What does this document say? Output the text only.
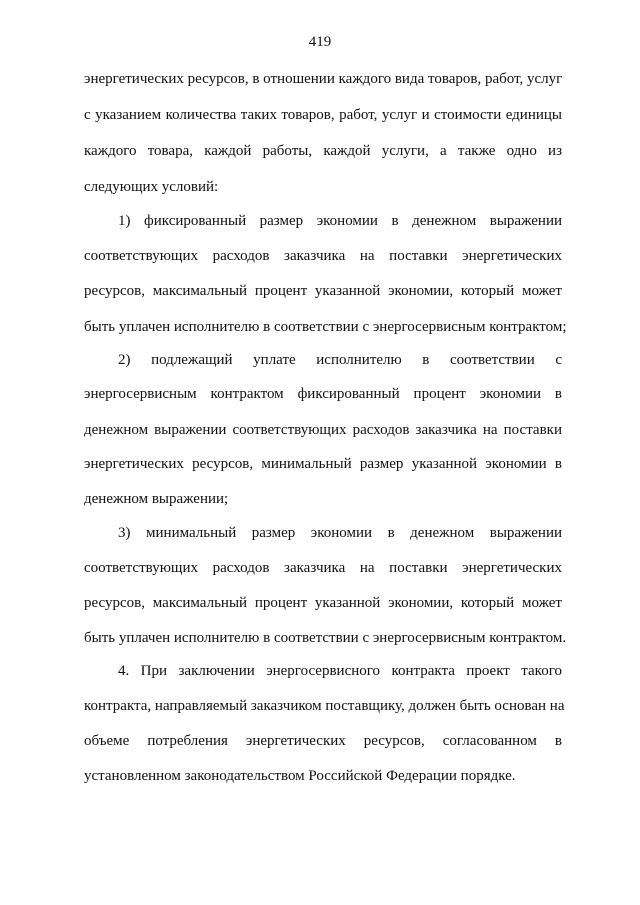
419
энергетических ресурсов, в отношении каждого вида товаров, работ, услуг
с указанием количества таких товаров, работ, услуг и стоимости единицы
каждого товара, каждой работы, каждой услуги, а также одно из
следующих условий:
1) фиксированный размер экономии в денежном выражении
соответствующих расходов заказчика на поставки энергетических
ресурсов, максимальный процент указанной экономии, который может
быть уплачен исполнителю в соответствии с энергосервисным контрактом;
2) подлежащий уплате исполнителю в соответствии с
энергосервисным контрактом фиксированный процент экономии в
денежном выражении соответствующих расходов заказчика на поставки
энергетических ресурсов, минимальный размер указанной экономии в
денежном выражении;
3) минимальный размер экономии в денежном выражении
соответствующих расходов заказчика на поставки энергетических
ресурсов, максимальный процент указанной экономии, который может
быть уплачен исполнителю в соответствии с энергосервисным контрактом.
4. При заключении энергосервисного контракта проект такого
контракта, направляемый заказчиком поставщику, должен быть основан на
объеме потребления энергетических ресурсов, согласованном в
установленном законодательством Российской Федерации порядке.
